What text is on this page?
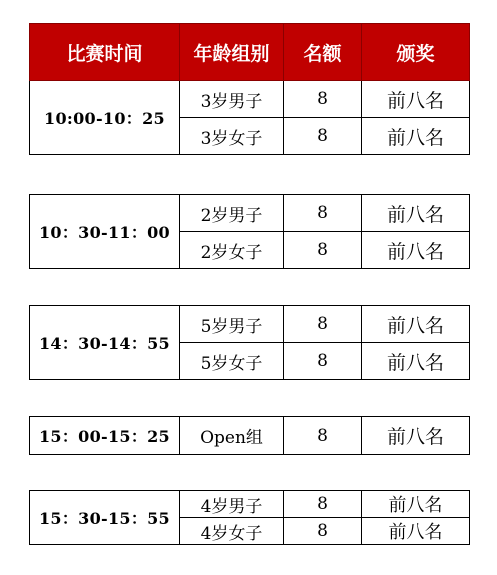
比赛时间	年龄组别	名额	颁奖
10:00-10：25	3岁男子	8	前八名
	3岁女子	8	前八名
10：30-11：00	2岁男子	8	前八名
	2岁女子	8	前八名
14：30-14：55	5岁男子	8	前八名
	5岁女子	8	前八名
15：00-15：25	Open组	8	前八名
15：30-15：55	4岁男子	8	前八名
	4岁女子	8	前八名
